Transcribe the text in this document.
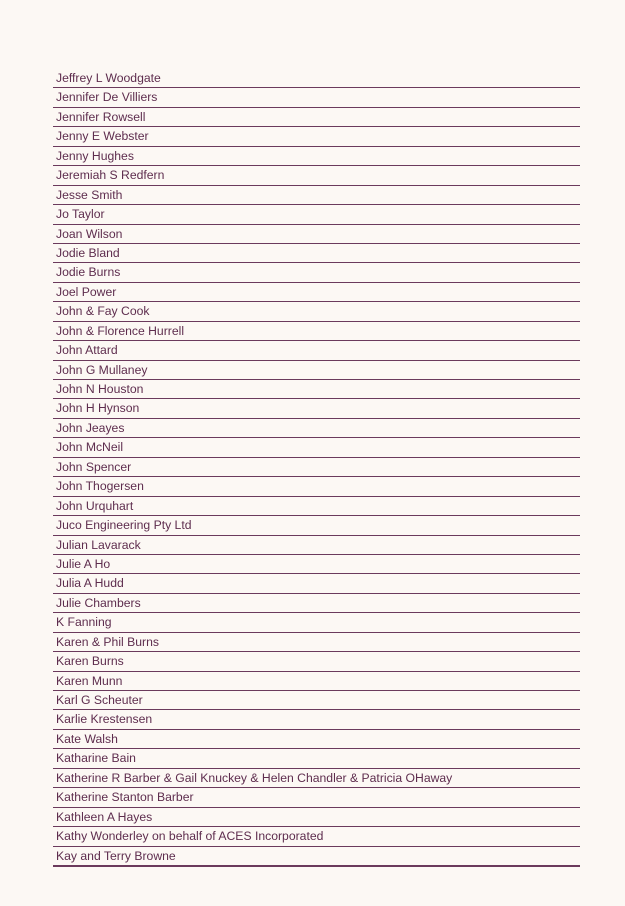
Jeffrey L Woodgate
Jennifer De Villiers
Jennifer Rowsell
Jenny E Webster
Jenny Hughes
Jeremiah S Redfern
Jesse Smith
Jo Taylor
Joan Wilson
Jodie Bland
Jodie Burns
Joel Power
John & Fay Cook
John & Florence Hurrell
John Attard
John G Mullaney
John N Houston
John H Hynson
John Jeayes
John McNeil
John Spencer
John Thogersen
John Urquhart
Juco Engineering Pty Ltd
Julian Lavarack
Julie A Ho
Julia A Hudd
Julie Chambers
K Fanning
Karen & Phil Burns
Karen Burns
Karen Munn
Karl G Scheuter
Karlie Krestensen
Kate Walsh
Katharine Bain
Katherine R Barber & Gail Knuckey & Helen Chandler & Patricia OHaway
Katherine Stanton Barber
Kathleen A Hayes
Kathy Wonderley on behalf of ACES Incorporated
Kay and Terry Browne
